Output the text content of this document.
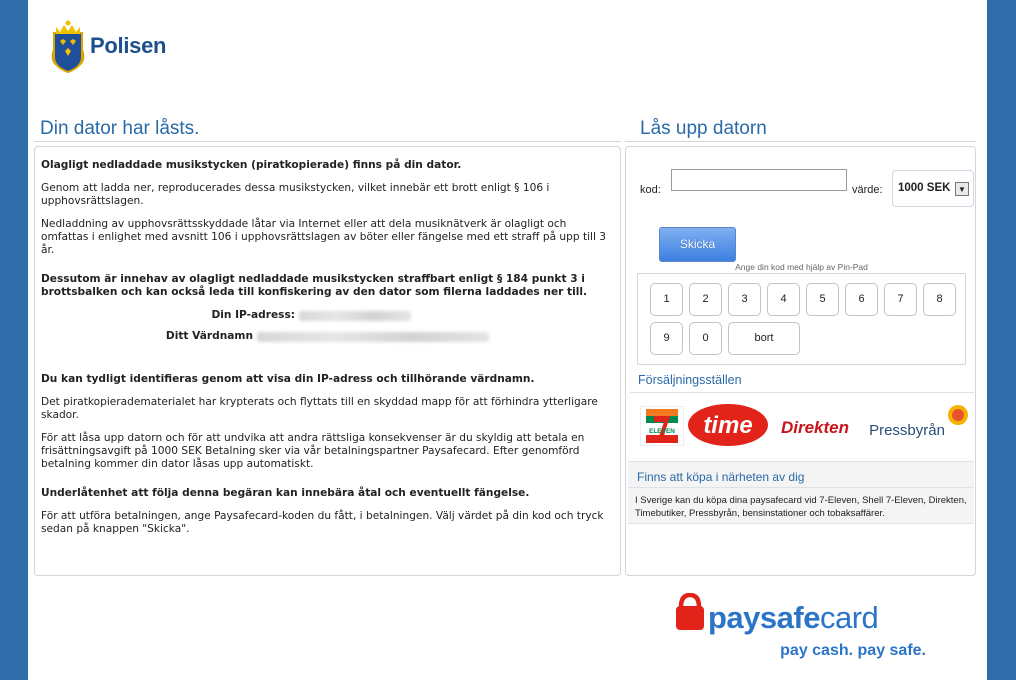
Polisen
Din dator har låsts.	Lås upp datorn

Olagligt nedladdade musikstycken (piratkopierade) finns på din dator.

Genom att ladda ner, reproducerades dessa musikstycken, vilket innebär ett brott enligt § 106 i upphovsrättslagen.

Nedladdning av upphovsrättsskyddade låtar via Internet eller att dela musiknätverk är olagligt och omfattas i enlighet med avsnitt 106 i upphovsrättslagen av böter eller fängelse med ett straff på upp till 3 år.

Dessutom är innehav av olagligt nedladdade musikstycken straffbart enligt § 184 punkt 3 i brottsbalken och kan också leda till konfiskering av den dator som filerna laddades ner till.

Din IP-adress:
Ditt Värdnamn

Du kan tydligt identifieras genom att visa din IP-adress och tillhörande värdnamn.

Det piratkopieradematerialet har krypterats och flyttats till en skyddad mapp för att förhindra ytterligare skador.

För att låsa upp datorn och för att undvika att andra rättsliga konsekvenser är du skyldig att betala en frisättningsavgift på 1000 SEK Betalning sker via vår betalningspartner Paysafecard. Efter genomförd betalning kommer din dator låsas upp automatiskt.

Underlåtenhet att följa denna begäran kan innebära åtal och eventuellt fängelse.

För att utföra betalningen, ange Paysafecard-koden du fått, i betalningen. Välj värdet på din kod och tryck sedan på knappen "Skicka".

kod:	värde: 1000 SEK ▼
Skicka
Ange din kod med hjälp av Pin-Pad
1	2	3	4	5	6	7	8
9	0	bort
Försäljningsställen
ELEVEN time Direkten Pressbyrån
Finns att köpa i närheten av dig
I Sverige kan du köpa dina paysafecard vid 7-Eleven, Shell 7-Eleven, Direkten, Timebutiker, Pressbyrån, bensinstationer och tobaksaffärer.
paysafecard
pay cash. pay safe.
